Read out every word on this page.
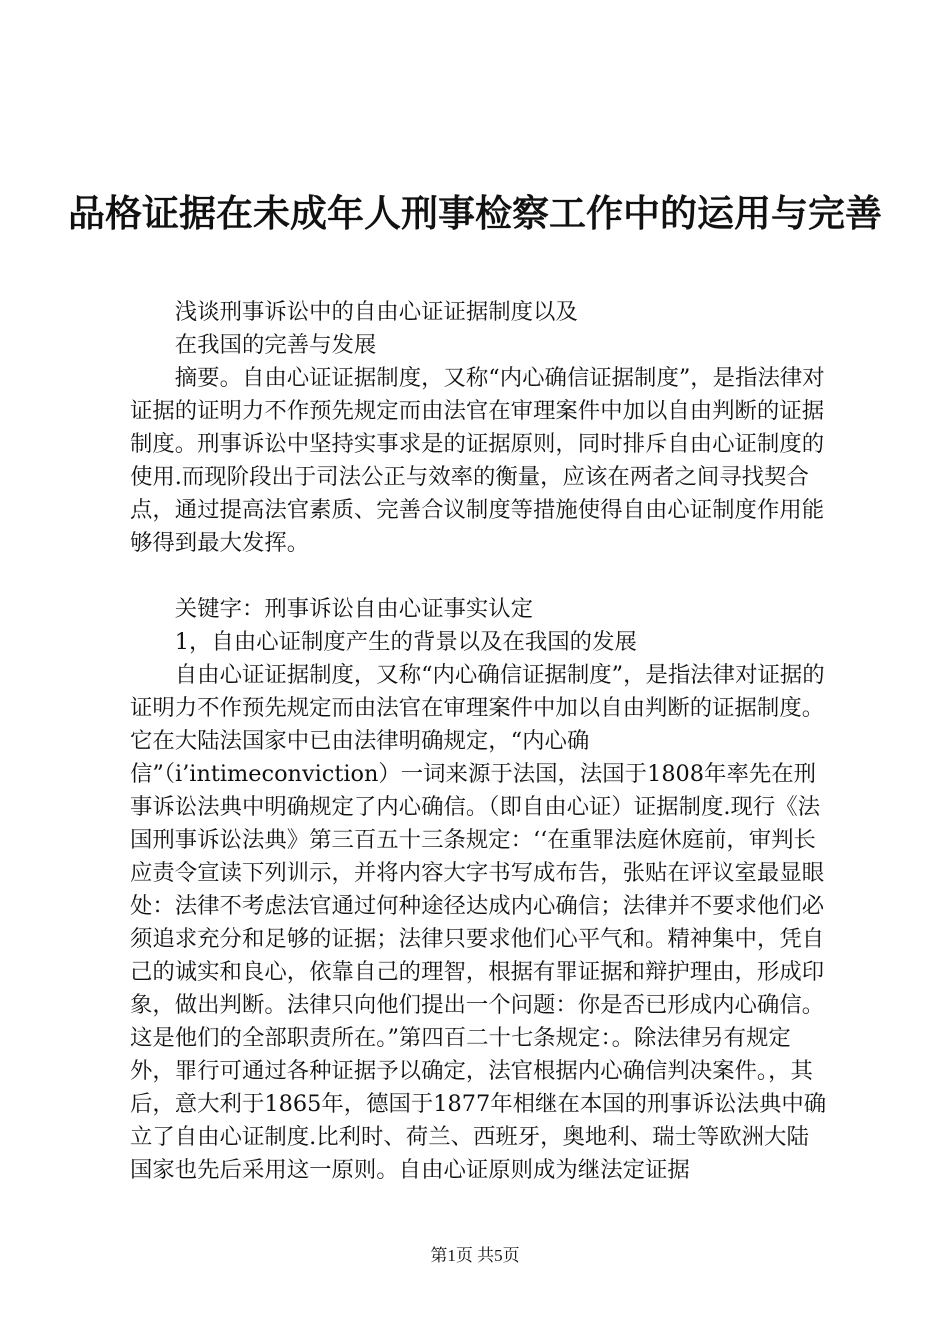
品格证据在未成年人刑事检察工作中的运用与完善

浅谈刑事诉讼中的自由心证证据制度以及

在我国的完善与发展

摘要。自由心证证据制度，又称“内心确信证据制度”，是指法律对证据的证明力不作预先规定而由法官在审理案件中加以自由判断的证据制度。刑事诉讼中坚持实事求是的证据原则，同时排斥自由心证制度的使用.而现阶段出于司法公正与效率的衡量，应该在两者之间寻找契合点，通过提高法官素质、完善合议制度等措施使得自由心证制度作用能够得到最大发挥。

关键字：刑事诉讼自由心证事实认定

1，自由心证制度产生的背景以及在我国的发展

自由心证证据制度，又称“内心确信证据制度”，是指法律对证据的证明力不作预先规定而由法官在审理案件中加以自由判断的证据制度。它在大陆法国家中已由法律明确规定，“内心确信”（i’intimeconviction）一词来源于法国，法国于1808年率先在刑事诉讼法典中明确规定了内心确信。（即自由心证）证据制度.现行《法国刑事诉讼法典》第三百五十三条规定：‘‘在重罪法庭休庭前，审判长应责令宣读下列训示，并将内容大字书写成布告，张贴在评议室最显眼处：法律不考虑法官通过何种途径达成内心确信；法律并不要求他们必须追求充分和足够的证据；法律只要求他们心平气和。精神集中，凭自己的诚实和良心，依靠自己的理智，根据有罪证据和辩护理由，形成印象，做出判断。法律只向他们提出一个问题：你是否已形成内心确信。这是他们的全部职责所在。”第四百二十七条规定：。除法律另有规定外，罪行可通过各种证据予以确定，法官根据内心确信判决案件。，其后，意大利于1865年，德国于1877年相继在本国的刑事诉讼法典中确立了自由心证制度.比利时、荷兰、西班牙，奥地利、瑞士等欧洲大陆国家也先后采用这一原则。自由心证原则成为继法定证据

第1页 共5页
